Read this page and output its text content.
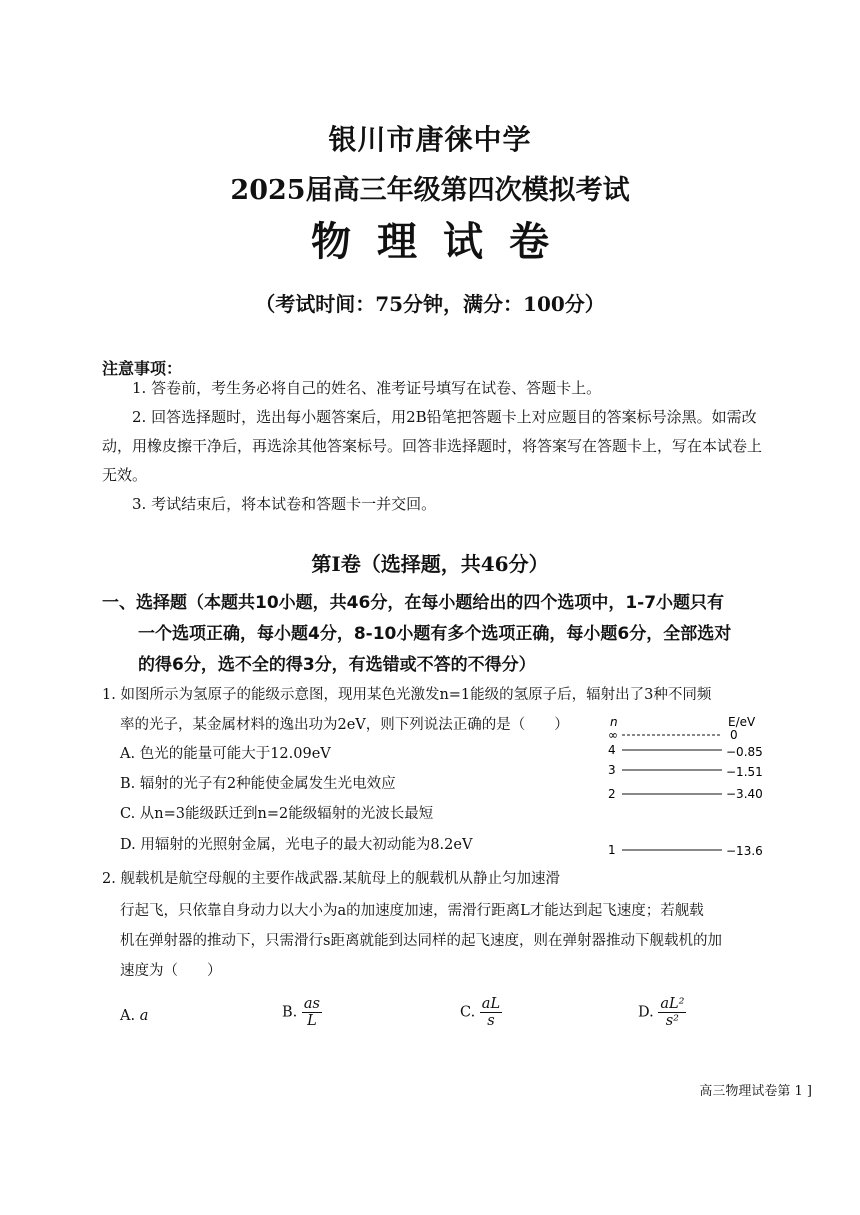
银川市唐徕中学
2025届高三年级第四次模拟考试
物理试卷
（考试时间：75分钟，满分：100分）
注意事项：
1. 答卷前，考生务必将自己的姓名、准考证号填写在试卷、答题卡上。
2. 回答选择题时，选出每小题答案后，用2B铅笔把答题卡上对应题目的答案标号涂黑。如需改动，用橡皮擦干净后，再选涂其他答案标号。回答非选择题时，将答案写在答题卡上，写在本试卷上无效。
3. 考试结束后，将本试卷和答题卡一并交回。
第Ⅰ卷（选择题，共46分）
一、选择题（本题共10小题，共46分，在每小题给出的四个选项中，1-7小题只有
一个选项正确，每小题4分，8-10小题有多个选项正确，每小题6分，全部选对
的得6分，选不全的得3分，有选错或不答的不得分）
1. 如图所示为氢原子的能级示意图，现用某色光激发n=1能级的氢原子后，辐射出了3种不同频
率的光子，某金属材料的逸出功为2eV，则下列说法正确的是（　　）
A. 色光的能量可能大于12.09eV
B. 辐射的光子有2种能使金属发生光电效应
C. 从n=3能级跃迁到n=2能级辐射的光波长最短
D. 用辐射的光照射金属，光电子的最大初动能为8.2eV
n	E/eV
∞	0
4	−0.85
3	−1.51
2	−3.40
1	−13.6
2. 舰载机是航空母舰的主要作战武器.某航母上的舰载机从静止匀加速滑
行起飞，只依靠自身动力以大小为a的加速度加速，需滑行距离L才能达到起飞速度；若舰载
机在弹射器的推动下，只需滑行s距离就能到达同样的起飞速度，则在弹射器推动下舰载机的加
速度为（　　）
A. a	B. $\frac{as}{L}$	C. $\frac{aL}{s}$	D. $\frac{\text{aL²}}{\text{s²}}$
高三物理试卷第 1 ]
